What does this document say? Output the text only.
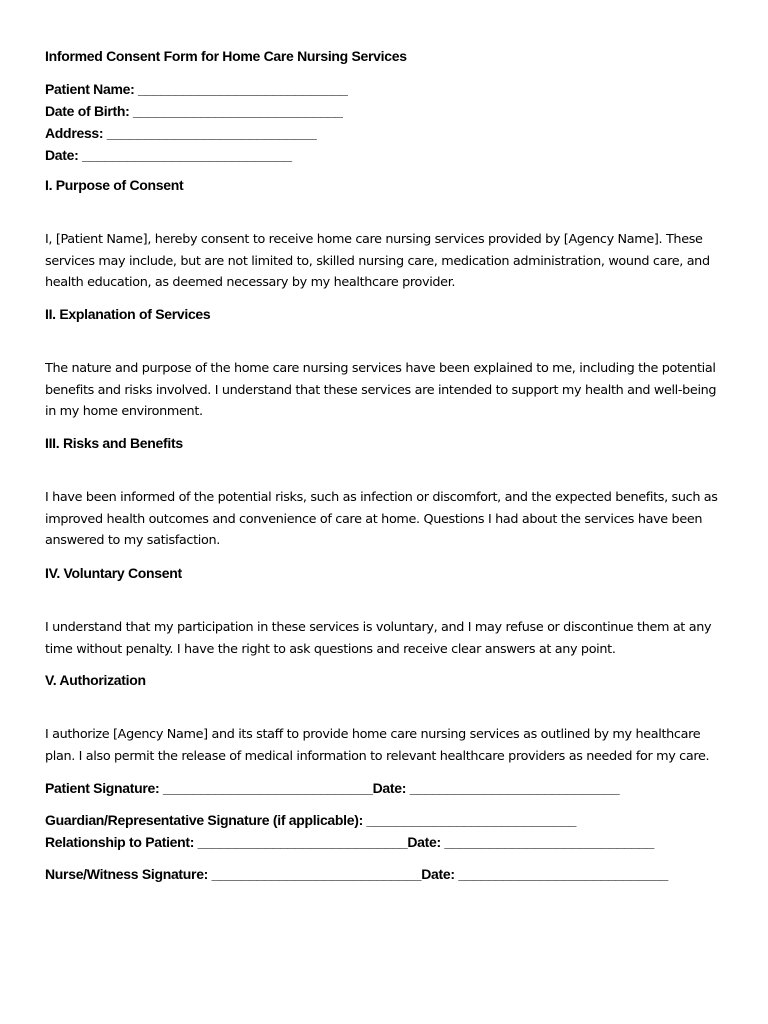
Informed Consent Form for Home Care Nursing Services

Patient Name: ____________________________

Date of Birth: ____________________________

Address: ____________________________

Date: ____________________________

I. Purpose of Consent

I, [Patient Name], hereby consent to receive home care nursing services provided by [Agency Name]. These services may include, but are not limited to, skilled nursing care, medication administration, wound care, and health education, as deemed necessary by my healthcare provider.

II. Explanation of Services

The nature and purpose of the home care nursing services have been explained to me, including the potential benefits and risks involved. I understand that these services are intended to support my health and well-being in my home environment.

III. Risks and Benefits

I have been informed of the potential risks, such as infection or discomfort, and the expected benefits, such as improved health outcomes and convenience of care at home. Questions I had about the services have been answered to my satisfaction.

IV. Voluntary Consent

I understand that my participation in these services is voluntary, and I may refuse or discontinue them at any time without penalty. I have the right to ask questions and receive clear answers at any point.

V. Authorization

I authorize [Agency Name] and its staff to provide home care nursing services as outlined by my healthcare plan. I also permit the release of medical information to relevant healthcare providers as needed for my care.

Patient Signature: ____________________________Date: ____________________________

Guardian/Representative Signature (if applicable): ____________________________

Relationship to Patient: ____________________________Date: ____________________________

Nurse/Witness Signature: ____________________________Date: ____________________________
